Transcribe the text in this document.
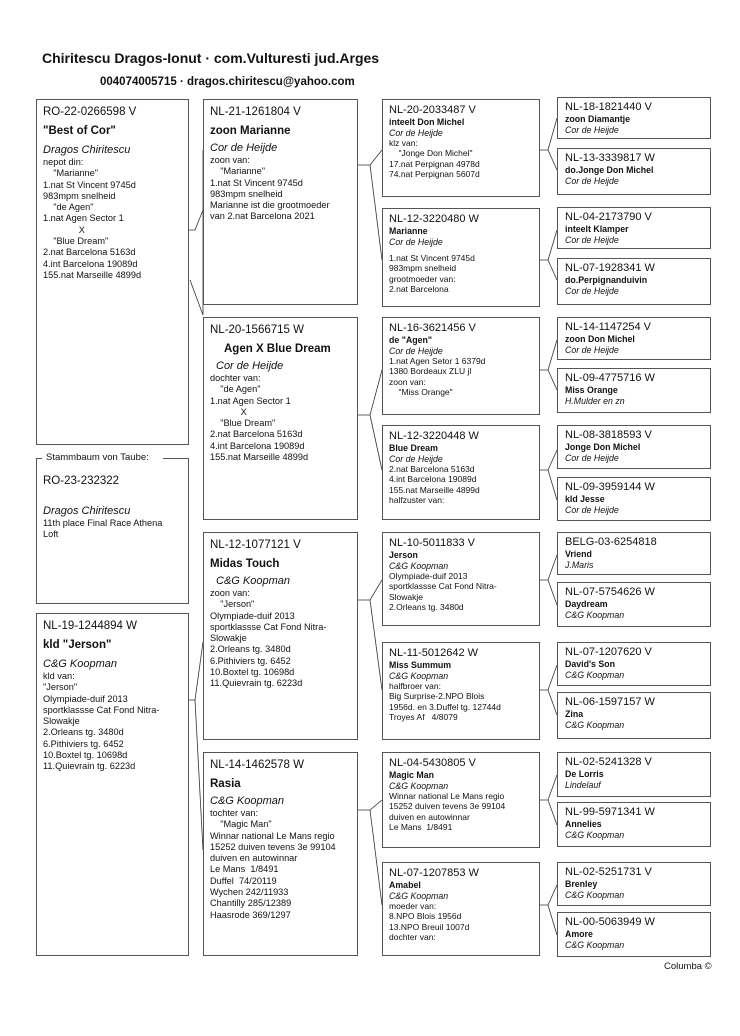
Chiritescu Dragos-Ionut · com.Vulturesti jud.Arges
004074005715 · dragos.chiritescu@yahoo.com
RO-22-0266598 V
"Best of Cor"
Dragos Chiritescu
nepot din:
"Marianne"
1.nat St Vincent 9745d
983mpm snelheid
"de Agen"
1.nat Agen Sector 1
X
"Blue Dream"
2.nat Barcelona 5163d
4.int Barcelona 19089d
155.nat Marseille 4899d
RO-23-232322
Dragos Chiritescu
11th place Final Race Athena
Loft
Stammbaum von Taube:
NL-19-1244894 W
kld "Jerson"
C&G Koopman
kld van:
"Jerson"
Olympiade-duif 2013
sportklassse Cat Fond Nitra-
Slowakje
2.Orleans tg. 3480d
6.Pithiviers tg. 6452
10.Boxtel tg. 10698d
11.Quievrain tg. 6223d
NL-21-1261804 V
zoon Marianne
Cor de Heijde
zoon van:
"Marianne"
1.nat St Vincent 9745d
983mpm snelheid
Marianne ist die grootmoeder
van 2.nat Barcelona 2021
NL-20-1566715 W
Agen X Blue Dream
Cor de Heijde
dochter van:
"de Agen"
1.nat Agen Sector 1
X
"Blue Dream"
2.nat Barcelona 5163d
4.int Barcelona 19089d
155.nat Marseille 4899d
NL-12-1077121 V
Midas Touch
C&G Koopman
zoon van:
"Jerson"
Olympiade-duif 2013
sportklassse Cat Fond Nitra-
Slowakje
2.Orleans tg. 3480d
6.Pithiviers tg. 6452
10.Boxtel tg. 10698d
11.Quievrain tg. 6223d
NL-14-1462578 W
Rasia
C&G Koopman
tochter van:
"Magic Man"
Winnar national Le Mans regio
15252 duiven tevens 3e 99104
duiven en autowinnar
Le Mans  1/8491
Duffel  74/20119
Wychen 242/11933
Chantilly 285/12389
Haasrode 369/1297
NL-20-2033487 V
inteelt Don Michel
Cor de Heijde
klz van:
"Jonge Don Michel"
17.nat Perpignan 4978d
74.nat Perpignan 5607d
NL-12-3220480 W
Marianne
Cor de Heijde
1.nat St Vincent 9745d
983mpm snelheid
grootmoeder van:
2.nat Barcelona
NL-16-3621456 V
de "Agen"
Cor de Heijde
1.nat Agen Setor 1 6379d
1380 Bordeaux ZLU jl
zoon van:
"Miss Orange"
NL-12-3220448 W
Blue Dream
Cor de Heijde
2.nat Barcelona 5163d
4.int Barcelona 19089d
155.nat Marseille 4899d
halfzuster van:
NL-10-5011833 V
Jerson
C&G Koopman
Olympiade-duif 2013
sportklassse Cat Fond Nitra-
Slowakje
2.Orleans tg. 3480d
NL-11-5012642 W
Miss Summum
C&G Koopman
halfbroer van:
Big Surprise-2.NPO Blois
1956d. en 3.Duffel tg. 12744d
Troyes Af   4/8079
NL-04-5430805 V
Magic Man
C&G Koopman
Winnar national Le Mans regio
15252 duiven tevens 3e 99104
duiven en autowinnar
Le Mans  1/8491
NL-07-1207853 W
Amabel
C&G Koopman
moeder van:
8.NPO Blois 1956d
13.NPO Breuil 1007d
dochter van:
NL-18-1821440 V
zoon Diamantje
Cor de Heijde
NL-13-3339817 W
do.Jonge Don Michel
Cor de Heijde
NL-04-2173790 V
inteelt Klamper
Cor de Heijde
NL-07-1928341 W
do.Perpignanduivin
Cor de Heijde
NL-14-1147254 V
zoon Don Michel
Cor de Heijde
NL-09-4775716 W
Miss Orange
H.Mulder en zn
NL-08-3818593 V
Jonge Don Michel
Cor de Heijde
NL-09-3959144 W
kld Jesse
Cor de Heijde
BELG-03-6254818
Vriend
J.Maris
NL-07-5754626 W
Daydream
C&G Koopman
NL-07-1207620 V
David's Son
C&G Koopman
NL-06-1597157 W
Zina
C&G Koopman
NL-02-5241328 V
De Lorris
Lindelauf
NL-99-5971341 W
Annelies
C&G Koopman
NL-02-5251731 V
Brenley
C&G Koopman
NL-00-5063949 W
Amore
C&G Koopman
Columba ©
